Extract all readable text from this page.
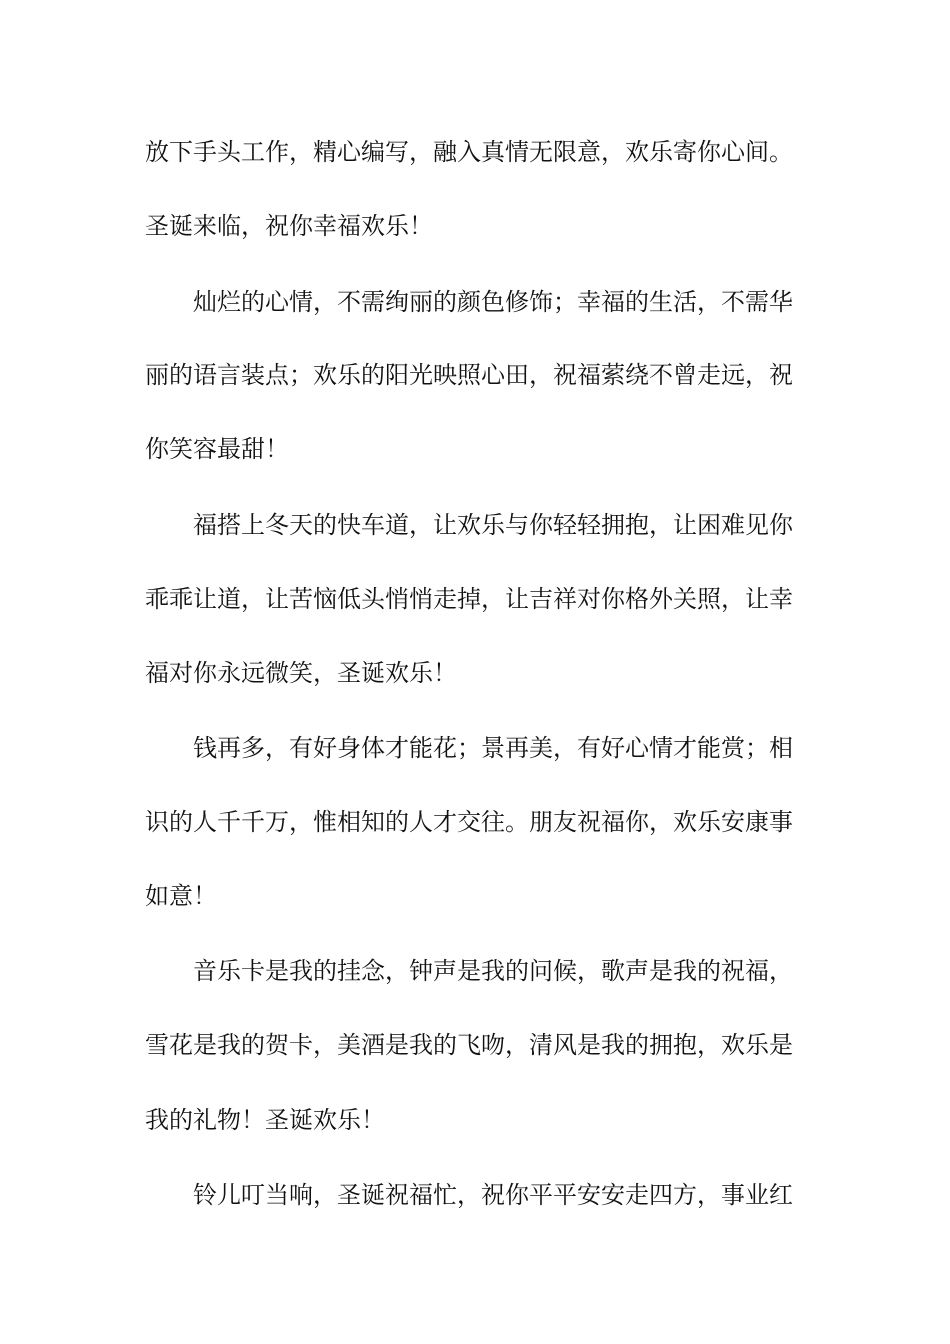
放下手头工作，精心编写，融入真情无限意，欢乐寄你心间。
圣诞来临，祝你幸福欢乐！
灿烂的心情，不需绚丽的颜色修饰；幸福的生活，不需华
丽的语言装点；欢乐的阳光映照心田，祝福萦绕不曾走远，祝
你笑容最甜！
福搭上冬天的快车道，让欢乐与你轻轻拥抱，让困难见你
乖乖让道，让苦恼低头悄悄走掉，让吉祥对你格外关照，让幸
福对你永远微笑，圣诞欢乐！
钱再多，有好身体才能花；景再美，有好心情才能赏；相
识的人千千万，惟相知的人才交往。朋友祝福你，欢乐安康事
如意！
音乐卡是我的挂念，钟声是我的问候，歌声是我的祝福，
雪花是我的贺卡，美酒是我的飞吻，清风是我的拥抱，欢乐是
我的礼物！圣诞欢乐！
铃儿叮当响，圣诞祝福忙，祝你平平安安走四方，事业红
